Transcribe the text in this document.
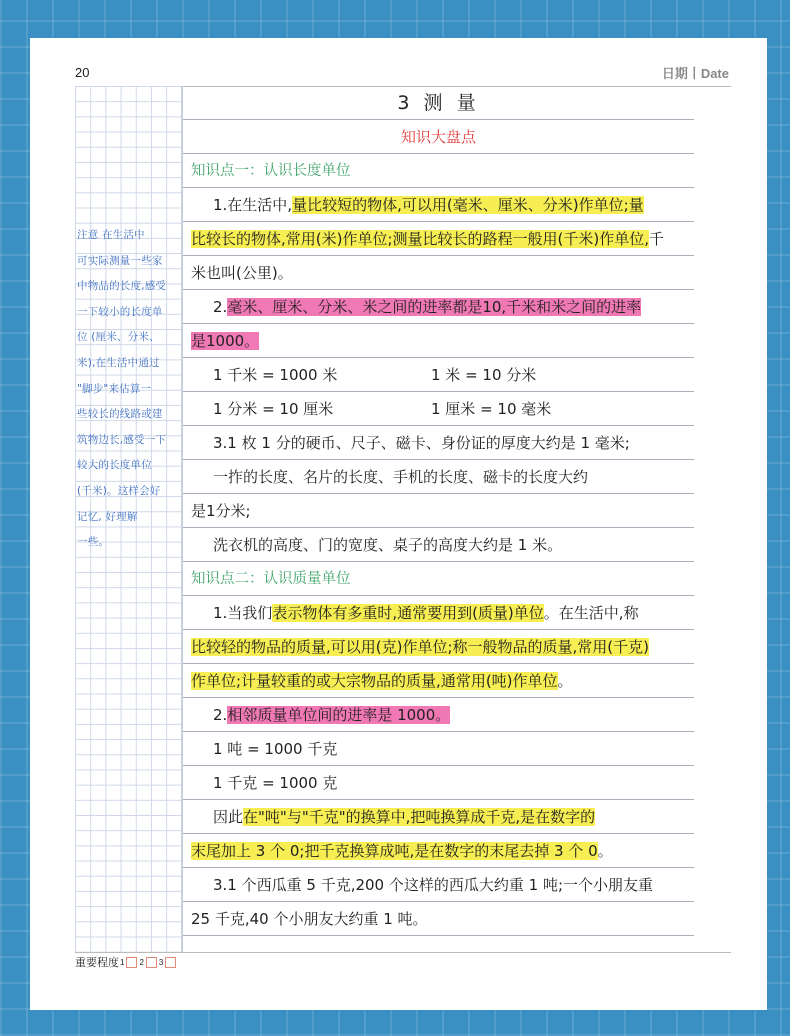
20	日期丨Date
注意 在生活中
可实际测量一些家
中物品的长度,感受
一下较小的长度单
位 (厘米、分米、
米),在生活中通过
"脚步"来估算一
些较长的线路或建
筑物边长,感受一下
较大的长度单位
(千米)。这样会好
记忆, 好理解
一些。
3 测 量
知识大盘点
知识点一：认识长度单位
1.在生活中,量比较短的物体,可以用(毫米、厘米、分米)作单位;量
比较长的物体,常用(米)作单位;测量比较长的路程一般用(千米)作单位,千
米也叫(公里)。
2.毫米、厘米、分米、米之间的进率都是10,千米和米之间的进率
是1000。
1 千米 = 1000 米	1 米 = 10 分米
1 分米 = 10 厘米	1 厘米 = 10 毫米
3.1 枚 1 分的硬币、尺子、磁卡、身份证的厚度大约是 1 毫米;
一拃的长度、名片的长度、手机的长度、磁卡的长度大约
是1分米;
洗衣机的高度、门的宽度、桌子的高度大约是 1 米。
知识点二：认识质量单位
1.当我们表示物体有多重时,通常要用到(质量)单位。在生活中,称
比较轻的物品的质量,可以用(克)作单位;称一般物品的质量,常用(千克)
作单位;计量较重的或大宗物品的质量,通常用(吨)作单位。
2.相邻质量单位间的进率是 1000。
1 吨 = 1000 千克
1 千克 = 1000 克
因此在"吨"与"千克"的换算中,把吨换算成千克,是在数字的
末尾加上 3 个 0;把千克换算成吨,是在数字的末尾去掉 3 个 0。
3.1 个西瓜重 5 千克,200 个这样的西瓜大约重 1 吨;一个小朋友重
25 千克,40 个小朋友大约重 1 吨。
重要程度 1 2 3
